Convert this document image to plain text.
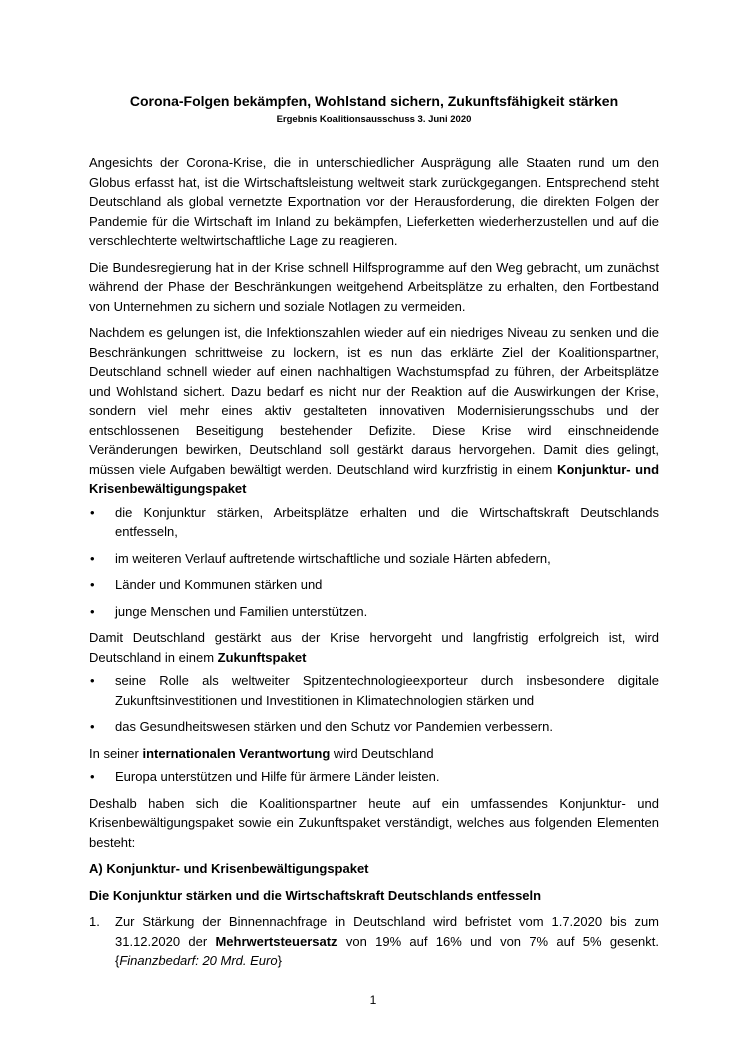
Corona-Folgen bekämpfen, Wohlstand sichern, Zukunftsfähigkeit stärken
Ergebnis Koalitionsausschuss 3. Juni 2020

Angesichts der Corona-Krise, die in unterschiedlicher Ausprägung alle Staaten rund um den Globus erfasst hat, ist die Wirtschaftsleistung weltweit stark zurückgegangen. Entsprechend steht Deutschland als global vernetzte Exportnation vor der Herausforderung, die direkten Folgen der Pandemie für die Wirtschaft im Inland zu bekämpfen, Lieferketten wiederherzustellen und auf die verschlechterte weltwirtschaftliche Lage zu reagieren.

Die Bundesregierung hat in der Krise schnell Hilfsprogramme auf den Weg gebracht, um zunächst während der Phase der Beschränkungen weitgehend Arbeitsplätze zu erhalten, den Fortbestand von Unternehmen zu sichern und soziale Notlagen zu vermeiden.

Nachdem es gelungen ist, die Infektionszahlen wieder auf ein niedriges Niveau zu senken und die Beschränkungen schrittweise zu lockern, ist es nun das erklärte Ziel der Koalitionspartner, Deutschland schnell wieder auf einen nachhaltigen Wachstumspfad zu führen, der Arbeitsplätze und Wohlstand sichert. Dazu bedarf es nicht nur der Reaktion auf die Auswirkungen der Krise, sondern viel mehr eines aktiv gestalteten innovativen Modernisierungsschubs und der entschlossenen Beseitigung bestehender Defizite. Diese Krise wird einschneidende Veränderungen bewirken, Deutschland soll gestärkt daraus hervorgehen. Damit dies gelingt, müssen viele Aufgaben bewältigt werden. Deutschland wird kurzfristig in einem Konjunktur- und Krisenbewältigungspaket

• die Konjunktur stärken, Arbeitsplätze erhalten und die Wirtschaftskraft Deutschlands entfesseln,
• im weiteren Verlauf auftretende wirtschaftliche und soziale Härten abfedern,
• Länder und Kommunen stärken und
• junge Menschen und Familien unterstützen.

Damit Deutschland gestärkt aus der Krise hervorgeht und langfristig erfolgreich ist, wird Deutschland in einem Zukunftspaket

• seine Rolle als weltweiter Spitzentechnologieexporteur durch insbesondere digitale Zukunftsinvestitionen und Investitionen in Klimatechnologien stärken und
• das Gesundheitswesen stärken und den Schutz vor Pandemien verbessern.

In seiner internationalen Verantwortung wird Deutschland

• Europa unterstützen und Hilfe für ärmere Länder leisten.

Deshalb haben sich die Koalitionspartner heute auf ein umfassendes Konjunktur- und Krisenbewältigungspaket sowie ein Zukunftspaket verständigt, welches aus folgenden Elementen besteht:

A) Konjunktur- und Krisenbewältigungspaket
Die Konjunktur stärken und die Wirtschaftskraft Deutschlands entfesseln
1. Zur Stärkung der Binnennachfrage in Deutschland wird befristet vom 1.7.2020 bis zum 31.12.2020 der Mehrwertsteuersatz von 19% auf 16% und von 7% auf 5% gesenkt. {Finanzbedarf: 20 Mrd. Euro}
1
